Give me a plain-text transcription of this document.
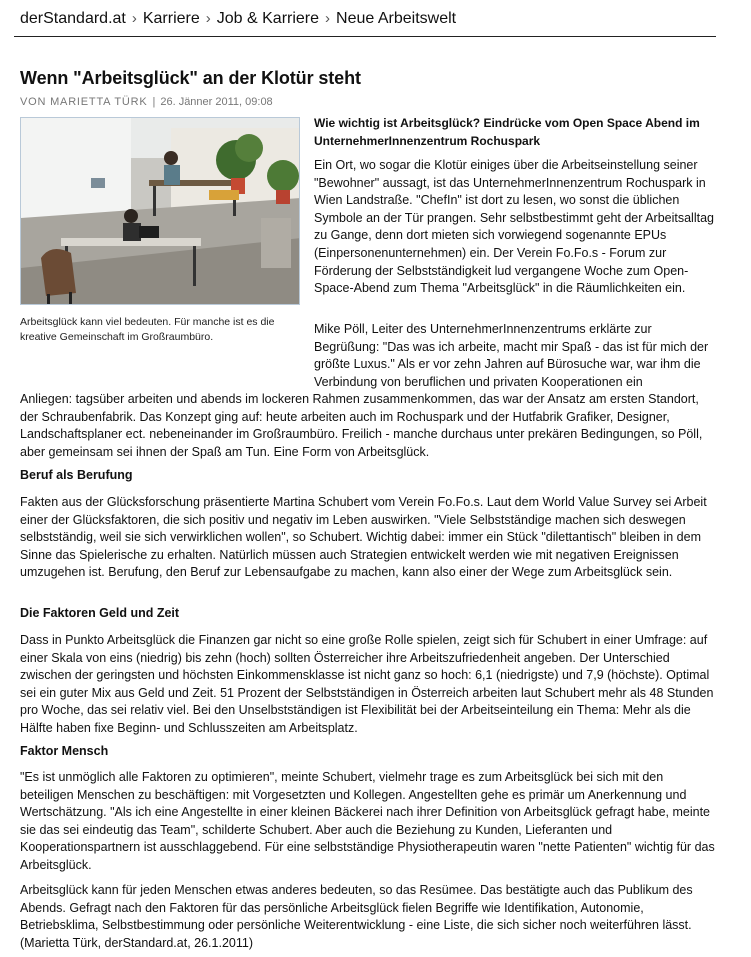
derStandard.at › Karriere › Job & Karriere › Neue Arbeitswelt
Wenn "Arbeitsglück" an der Klotür steht
VON MARIETTA TÜRK | 26. Jänner 2011, 09:08
Arbeitsglück kann viel bedeuten. Für manche ist es die kreative Gemeinschaft im Großraumbüro.

Wie wichtig ist Arbeitsglück? Eindrücke vom Open Space Abend im UnternehmerInnenzentrum Rochuspark

Ein Ort, wo sogar die Klotür einiges über die Arbeitseinstellung seiner "Bewohner" aussagt, ist das UnternehmerInnenzentrum Rochuspark in Wien Landstraße. "ChefIn" ist dort zu lesen, wo sonst die üblichen Symbole an der Tür prangen. Sehr selbstbestimmt geht der Arbeitsalltag zu Gange, denn dort mieten sich vorwiegend sogenannte EPUs (Einpersonenunternehmen) ein. Der Verein Fo.Fo.s - Forum zur Förderung der Selbstständigkeit lud vergangene Woche zum Open-Space-Abend zum Thema "Arbeitsglück" in die Räumlichkeiten ein.

Mike Pöll, Leiter des UnternehmerInnenzentrums erklärte zur Begrüßung: "Das was ich arbeite, macht mir Spaß - das ist für mich der größte Luxus." Als er vor zehn Jahren auf Bürosuche war, war ihm die Verbindung von beruflichen und privaten Kooperationen ein

Anliegen: tagsüber arbeiten und abends im lockeren Rahmen zusammenkommen, das war der Ansatz am ersten Standort, der Schraubenfabrik. Das Konzept ging auf: heute arbeiten auch im Rochuspark und der Hutfabrik Grafiker, Designer, Landschaftsplaner ect. nebeneinander im Großraumbüro. Freilich - manche durchaus unter prekären Bedingungen, so Pöll, aber gemeinsam sei ihnen der Spaß am Tun. Eine Form von Arbeitsglück.

Beruf als Berufung

Fakten aus der Glücksforschung präsentierte Martina Schubert vom Verein Fo.Fo.s. Laut dem World Value Survey sei Arbeit einer der Glücksfaktoren, die sich positiv und negativ im Leben auswirken. "Viele Selbstständige machen sich deswegen selbstständig, weil sie sich verwirklichen wollen", so Schubert. Wichtig dabei: immer ein Stück "dilettantisch" bleiben in dem Sinne das Spielerische zu erhalten. Natürlich müssen auch Strategien entwickelt werden wie mit negativen Ereignissen umzugehen ist. Berufung, den Beruf zur Lebensaufgabe zu machen, kann also einer der Wege zum Arbeitsglück sein.

Die Faktoren Geld und Zeit

Dass in Punkto Arbeitsglück die Finanzen gar nicht so eine große Rolle spielen, zeigt sich für Schubert in einer Umfrage: auf einer Skala von eins (niedrig) bis zehn (hoch) sollten Österreicher ihre Arbeitszufriedenheit angeben. Der Unterschied zwischen der geringsten und höchsten Einkommensklasse ist nicht ganz so hoch: 6,1 (niedrigste) und 7,9 (höchste). Optimal sei ein guter Mix aus Geld und Zeit. 51 Prozent der Selbstständigen in Österreich arbeiten laut Schubert mehr als 48 Stunden pro Woche, das sei relativ viel. Bei den Unselbstständigen ist Flexibilität bei der Arbeitseinteilung ein Thema: Mehr als die Hälfte haben fixe Beginn- und Schlusszeiten am Arbeitsplatz.

Faktor Mensch

"Es ist unmöglich alle Faktoren zu optimieren", meinte Schubert, vielmehr trage es zum Arbeitsglück bei sich mit den beteiligen Menschen zu beschäftigen: mit Vorgesetzten und Kollegen. Angestellten gehe es primär um Anerkennung und Wertschätzung. "Als ich eine Angestellte in einer kleinen Bäckerei nach ihrer Definition von Arbeitsglück gefragt habe, meinte sie das sei eindeutig das Team", schilderte Schubert. Aber auch die Beziehung zu Kunden, Lieferanten und Kooperationspartnern ist ausschlaggebend. Für eine selbstständige Physiotherapeutin waren "nette Patienten" wichtig für das Arbeitsglück.

Arbeitsglück kann für jeden Menschen etwas anderes bedeuten, so das Resümee. Das bestätigte auch das Publikum des Abends. Gefragt nach den Faktoren für das persönliche Arbeitsglück fielen Begriffe wie Identifikation, Autonomie, Betriebsklima, Selbstbestimmung oder persönliche Weiterentwicklung - eine Liste, die sich sicher noch weiterführen lässt. (Marietta Türk, derStandard.at, 26.1.2011)
